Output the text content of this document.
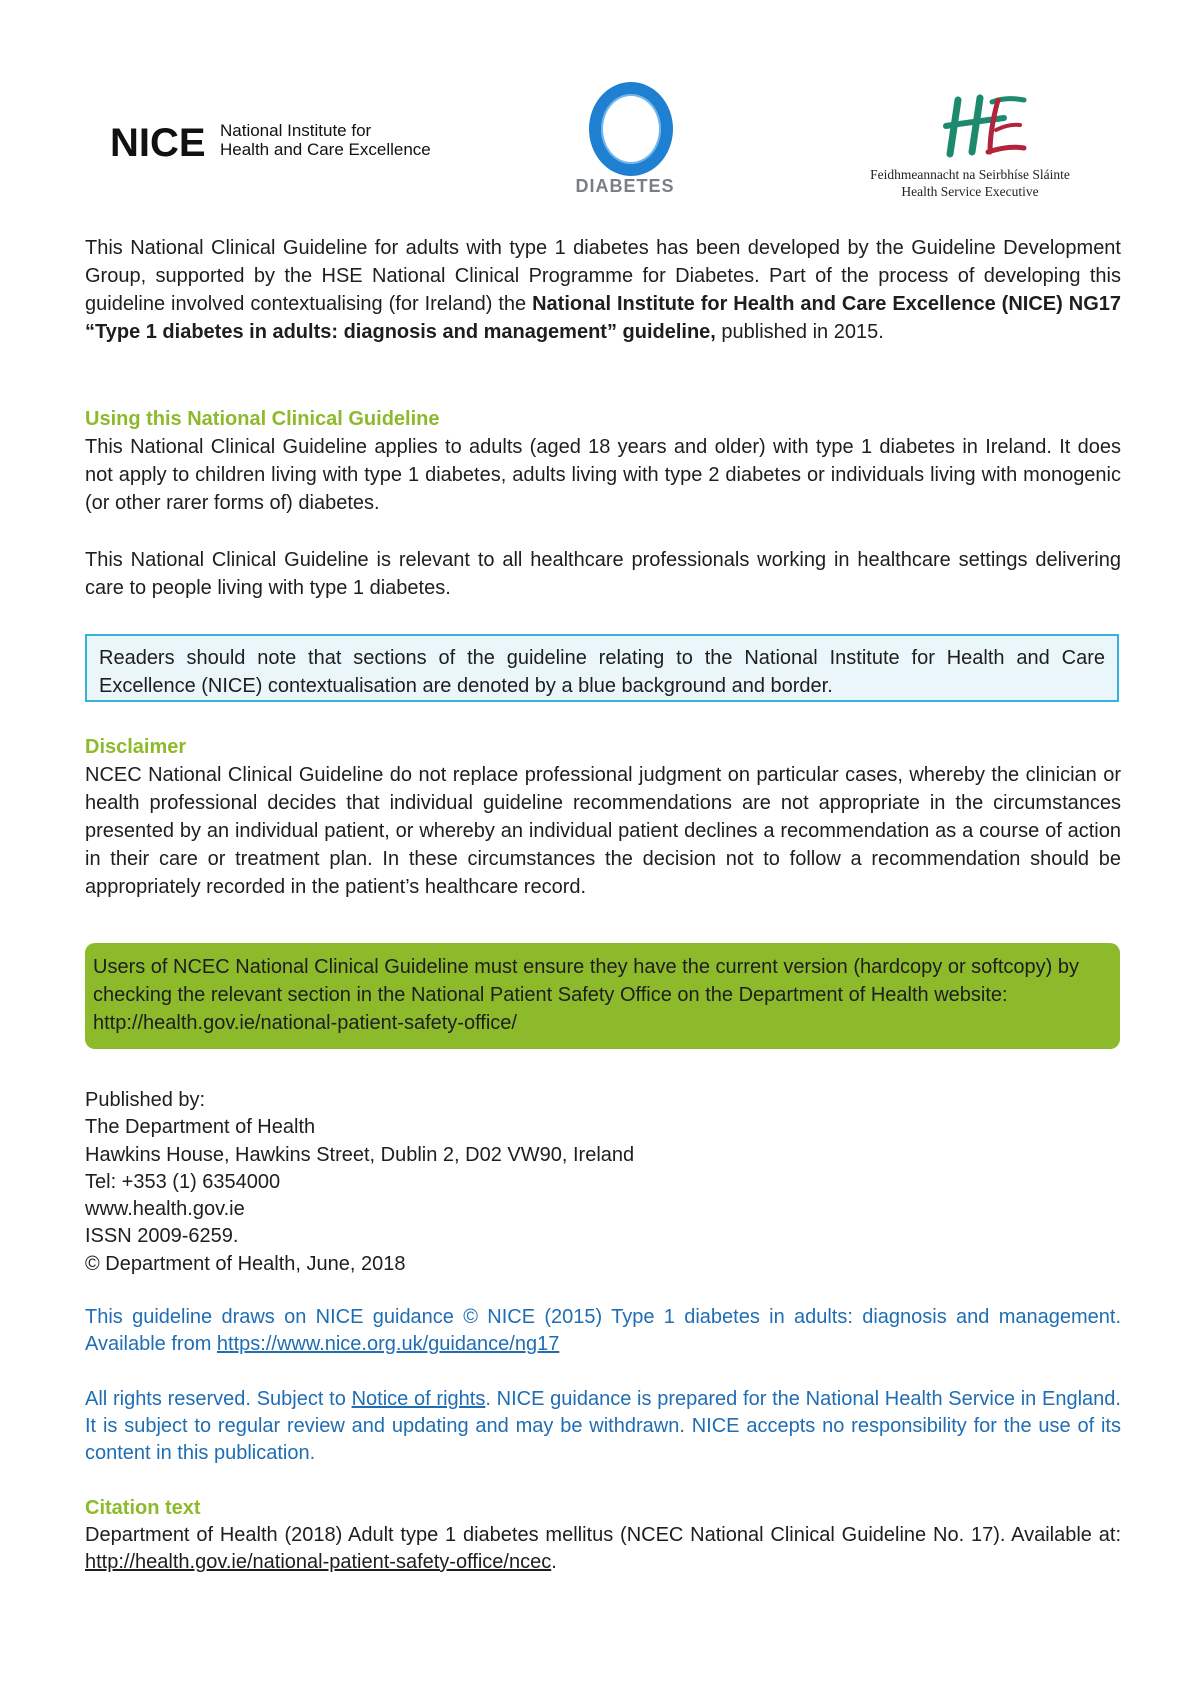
NICE National Institute for
Health and Care Excellence
DIABETES
Feidhmeannacht na Seirbhíse Sláinte
Health Service Executive
This National Clinical Guideline for adults with type 1 diabetes has been developed by the Guideline Development Group, supported by the HSE National Clinical Programme for Diabetes. Part of the process of developing this guideline involved contextualising (for Ireland) the National Institute for Health and Care Excellence (NICE) NG17 “Type 1 diabetes in adults: diagnosis and management” guideline, published in 2015.
Using this National Clinical Guideline
This National Clinical Guideline applies to adults (aged 18 years and older) with type 1 diabetes in Ireland. It does not apply to children living with type 1 diabetes, adults living with type 2 diabetes or individuals living with monogenic (or other rarer forms of) diabetes.
This National Clinical Guideline is relevant to all healthcare professionals working in healthcare settings delivering care to people living with type 1 diabetes.
Readers should note that sections of the guideline relating to the National Institute for Health and Care Excellence (NICE) contextualisation are denoted by a blue background and border.
Disclaimer
NCEC National Clinical Guideline do not replace professional judgment on particular cases, whereby the clinician or health professional decides that individual guideline recommendations are not appropriate in the circumstances presented by an individual patient, or whereby an individual patient declines a recommendation as a course of action in their care or treatment plan. In these circumstances the decision not to follow a recommendation should be appropriately recorded in the patient’s healthcare record.
Users of NCEC National Clinical Guideline must ensure they have the current version (hardcopy or softcopy) by checking the relevant section in the National Patient Safety Office on the Department of Health website: http://health.gov.ie/national-patient-safety-office/
Published by:
The Department of Health
Hawkins House, Hawkins Street, Dublin 2, D02 VW90, Ireland
Tel: +353 (1) 6354000
www.health.gov.ie
ISSN 2009-6259.
© Department of Health, June, 2018
This guideline draws on NICE guidance © NICE (2015) Type 1 diabetes in adults: diagnosis and management. Available from https://www.nice.org.uk/guidance/ng17
All rights reserved. Subject to Notice of rights. NICE guidance is prepared for the National Health Service in England. It is subject to regular review and updating and may be withdrawn. NICE accepts no responsibility for the use of its content in this publication.
Citation text
Department of Health (2018) Adult type 1 diabetes mellitus (NCEC National Clinical Guideline No. 17). Available at: http://health.gov.ie/national-patient-safety-office/ncec.
